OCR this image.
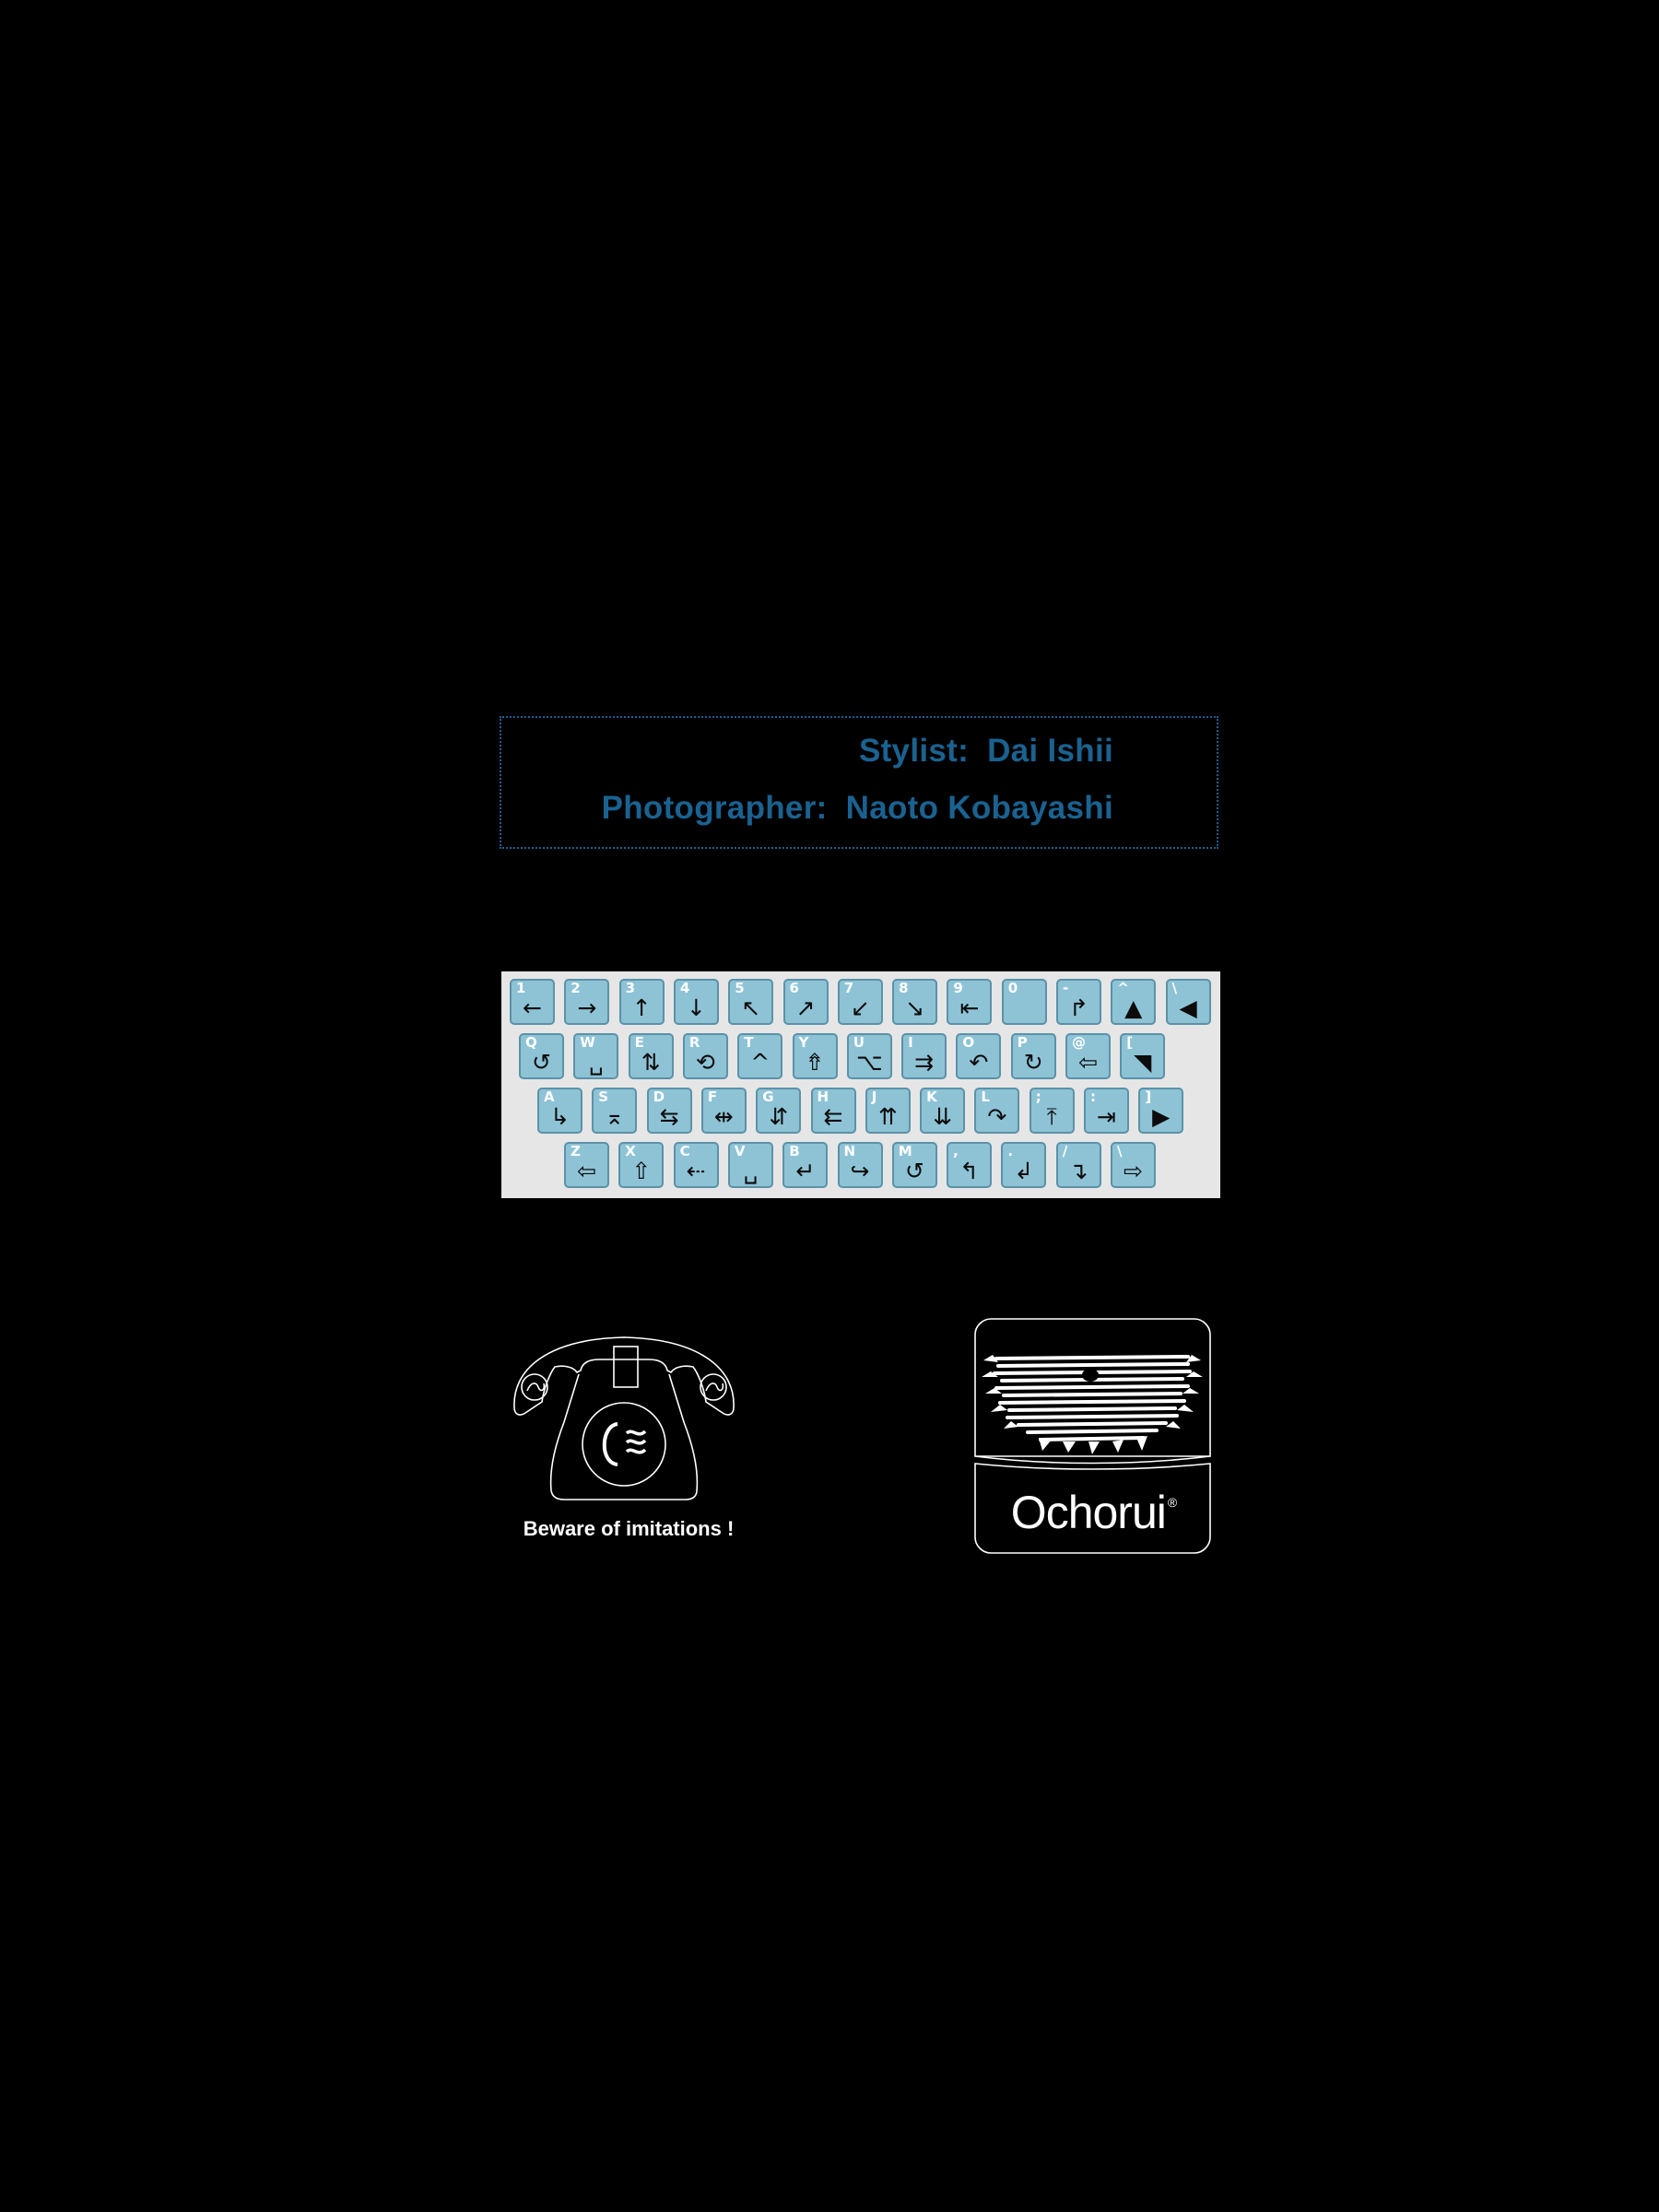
Stylist:  Dai Ishii
Photographer:  Naoto Kobayashi
1
←
2
→
3
↑
4
↓
5
↖
6
↗
7
↙
8
↘
9
⇤
0	-
↱
^
▲
\
◀
Q
↺
W
␣
E
⇅
R
⟲
T
^
Y
⇮
U
⌥
I
⇉
O
↶
P
↻
@
⇦
[
◥
A
↳
S
⌅
D
⇆
F
⇹
G
⇵
H
⇇
J
⇈
K
⇊
L
↷
;
⤒
:
⇥
]
▶
Z
⇦
X
⇧
C
⇠
V
␣
B
↵
N
↪
M
↺
,
↰
.
↲
/
↴
\
⇨
Beware of imitations !	Ochorui ®
